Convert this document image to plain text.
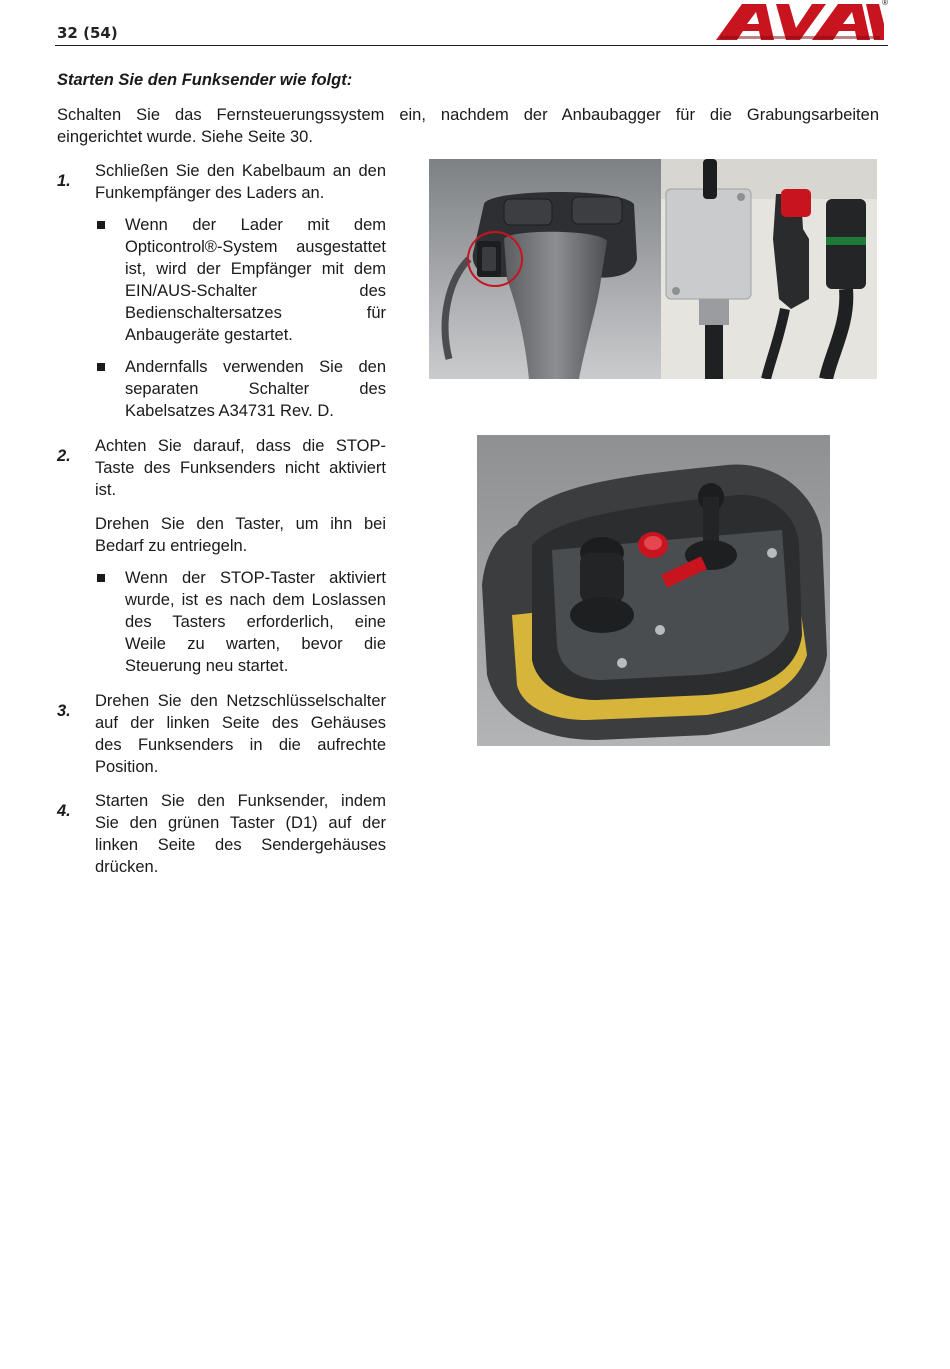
32 (54)
®
Starten Sie den Funksender wie folgt:
Schalten Sie das Fernsteuerungssystem ein, nachdem der Anbaubagger für die Grabungsarbeiten
eingerichtet wurde. Siehe Seite 30.
1.
Schließen Sie den Kabelbaum an den
Funkempfänger des Laders an.
Wenn der Lader mit dem
Opticontrol®-System ausgestattet
ist, wird der Empfänger mit dem
EIN/AUS-Schalter des
Bedienschaltersatzes für
Anbaugeräte gestartet.
Andernfalls verwenden Sie den
separaten Schalter des
Kabelsatzes A34731 Rev. D.
2.
Achten Sie darauf, dass die STOP-
Taste des Funksenders nicht aktiviert
ist.
Drehen Sie den Taster, um ihn bei
Bedarf zu entriegeln.
Wenn der STOP-Taster aktiviert
wurde, ist es nach dem Loslassen
des Tasters erforderlich, eine
Weile zu warten, bevor die
Steuerung neu startet.
3.
Drehen Sie den Netzschlüsselschalter
auf der linken Seite des Gehäuses
des Funksenders in die aufrechte
Position.
4.
Starten Sie den Funksender, indem
Sie den grünen Taster (D1) auf der
linken Seite des Sendergehäuses
drücken.
